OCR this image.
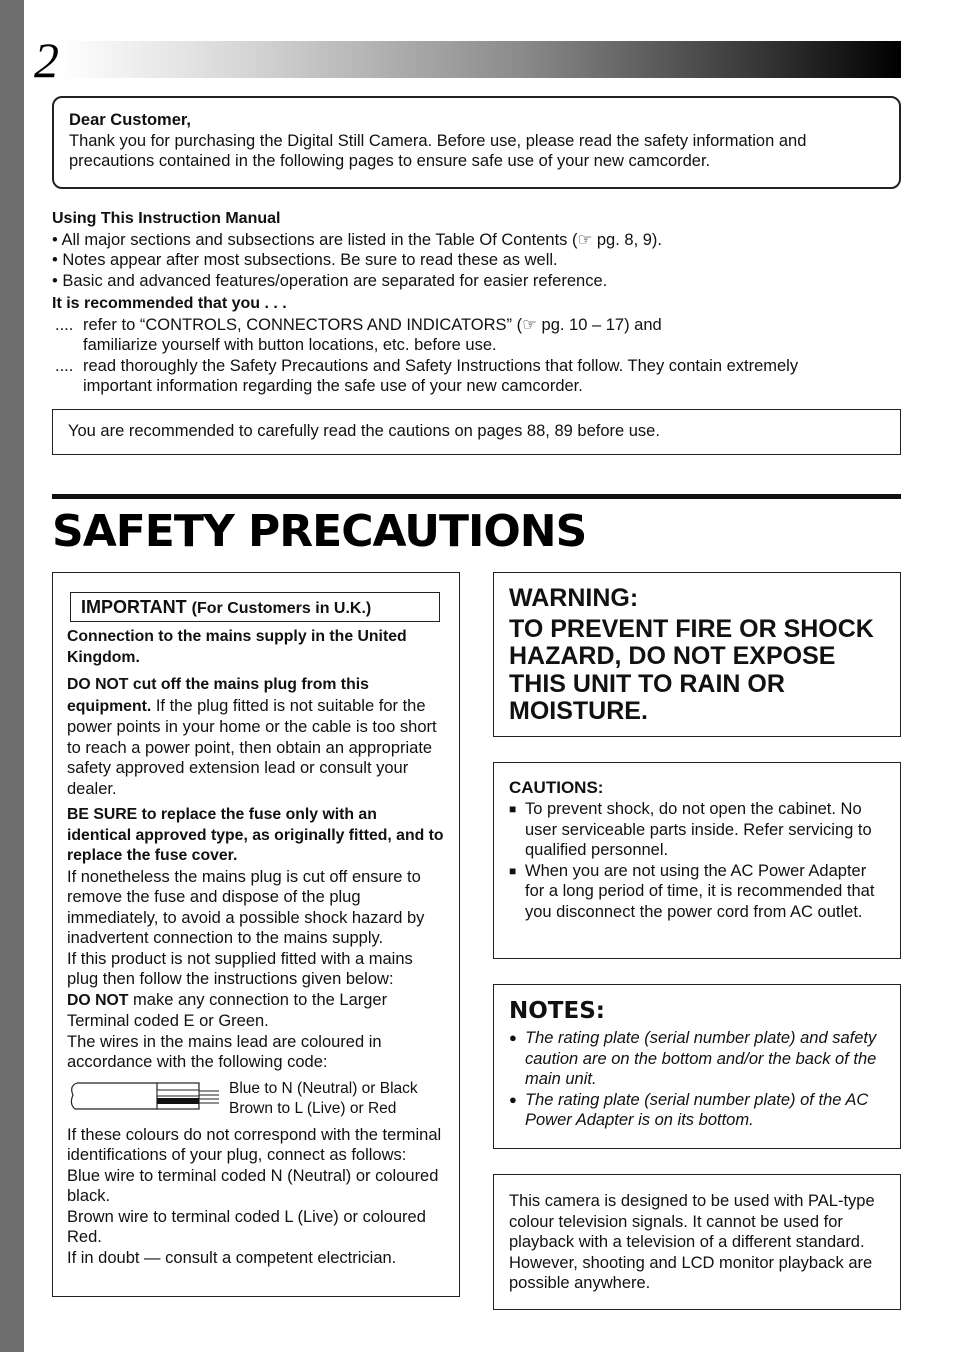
2
Dear Customer,
Thank you for purchasing the Digital Still Camera. Before use, please read the safety information and
precautions contained in the following pages to ensure safe use of your new camcorder.
Using This Instruction Manual
• All major sections and subsections are listed in the Table Of Contents (☞ pg. 8, 9).
• Notes appear after most subsections. Be sure to read these as well.
• Basic and advanced features/operation are separated for easier reference.
It is recommended that you . . .
.... refer to “CONTROLS, CONNECTORS AND INDICATORS” (☞ pg. 10 – 17) and
familiarize yourself with button locations, etc. before use.
.... read thoroughly the Safety Precautions and Safety Instructions that follow. They contain extremely
important information regarding the safe use of your new camcorder.
You are recommended to carefully read the cautions on pages 88, 89 before use.
SAFETY PRECAUTIONS
IMPORTANT (For Customers in U.K.)

Connection to the mains supply in the United Kingdom.

DO NOT cut off the mains plug from this equipment. If the plug fitted is not suitable for the power points in your home or the cable is too short to reach a power point, then obtain an appropriate safety approved extension lead or consult your dealer.

BE SURE to replace the fuse only with an identical approved type, as originally fitted, and to replace the fuse cover.

If nonetheless the mains plug is cut off ensure to remove the fuse and dispose of the plug immediately, to avoid a possible shock hazard by inadvertent connection to the mains supply.

If this product is not supplied fitted with a mains plug then follow the instructions given below:

DO NOT make any connection to the Larger Terminal coded E or Green.

The wires in the mains lead are coloured in accordance with the following code:

Blue to N (Neutral) or Black
Brown to L (Live) or Red

If these colours do not correspond with the terminal identifications of your plug, connect as follows:

Blue wire to terminal coded N (Neutral) or coloured black.

Brown wire to terminal coded L (Live) or coloured Red.

If in doubt — consult a competent electrician.

WARNING:
TO PREVENT FIRE OR SHOCK HAZARD, DO NOT EXPOSE THIS UNIT TO RAIN OR MOISTURE.
CAUTIONS:
■ To prevent shock, do not open the cabinet. No user serviceable parts inside. Refer servicing to qualified personnel.
■ When you are not using the AC Power Adapter for a long period of time, it is recommended that you disconnect the power cord from AC outlet.
NOTES:
● The rating plate (serial number plate) and safety caution are on the bottom and/or the back of the main unit.
● The rating plate (serial number plate) of the AC Power Adapter is on its bottom.
This camera is designed to be used with PAL-type colour television signals. It cannot be used for playback with a television of a different standard. However, shooting and LCD monitor playback are possible anywhere.
